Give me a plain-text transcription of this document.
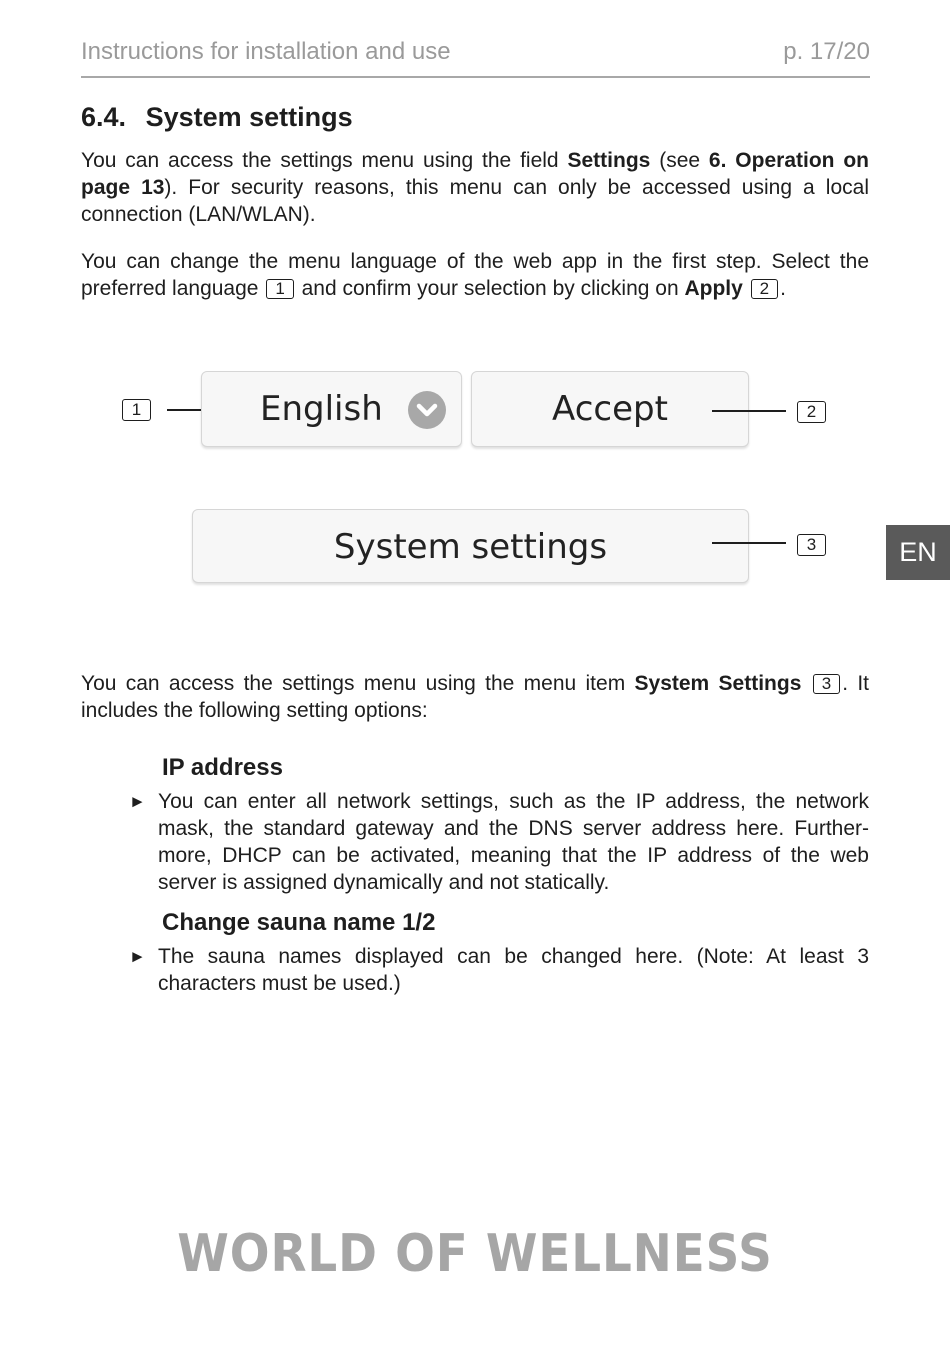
Instructions for installation and use	p. 17/20
6.4. System settings
You can access the settings menu using the field Settings (see 6. Operation on page 13). For security reasons, this menu can only be accessed using a local connection (LAN/WLAN).
You can change the menu language of the web app in the first step. Select the preferred language 1 and confirm your selection by clicking on Apply 2 .
1	English	Accept	2
System settings	3	EN
You can access the settings menu using the menu item System Settings 3 . It includes the following setting options:
IP address
► You can enter all network settings, such as the IP address, the network mask, the standard gateway and the DNS server address here. Further-more, DHCP can be activated, meaning that the IP address of the web server is assigned dynamically and not statically.
Change sauna name 1/2
► The sauna names displayed can be changed here. (Note: At least 3 characters must be used.)
WORLD OF WELLNESS
